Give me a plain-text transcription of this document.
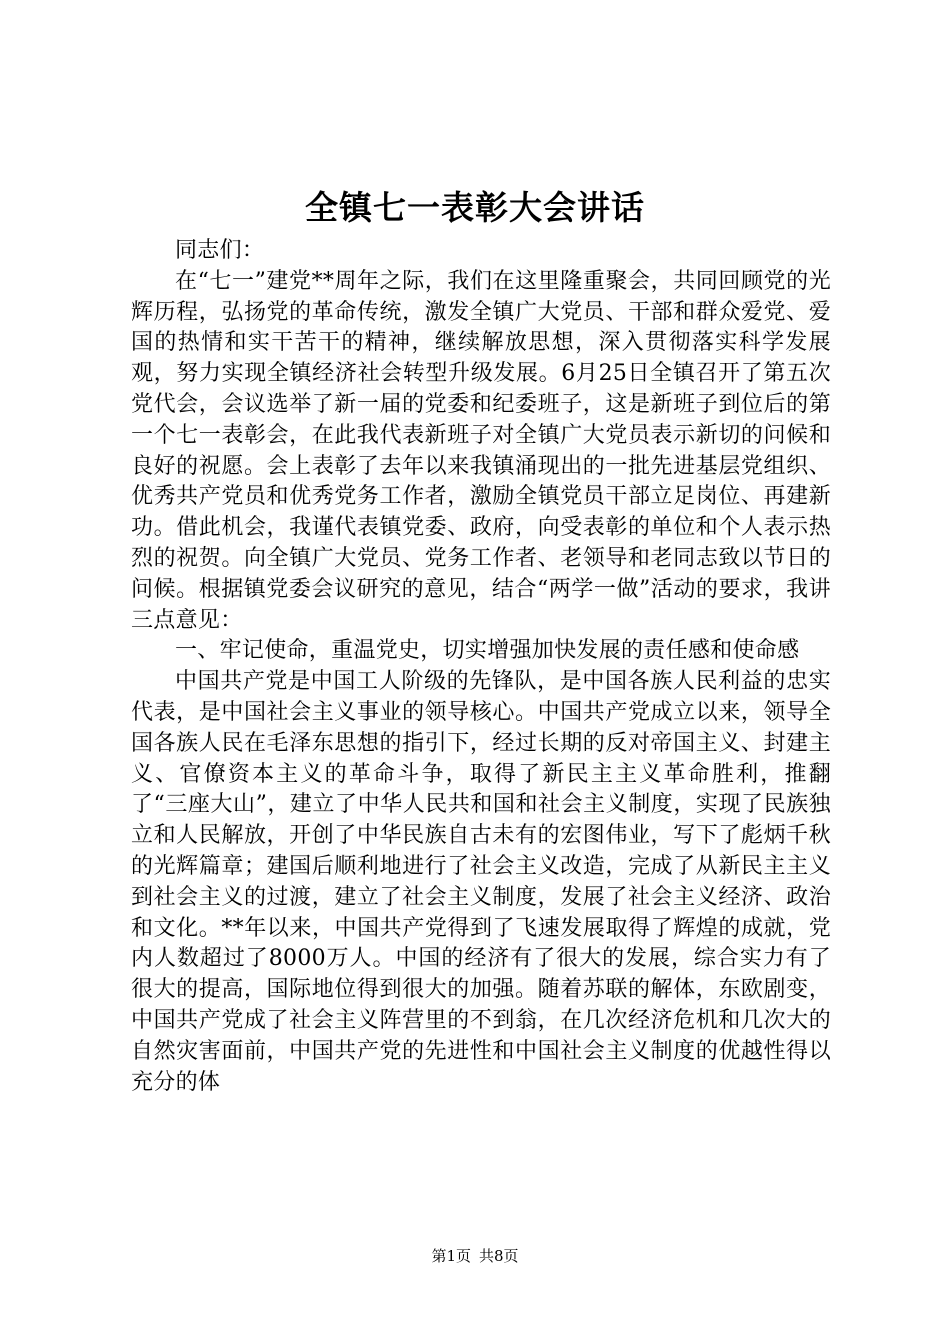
全镇七一表彰大会讲话

同志们：

在“七一”建党**周年之际，我们在这里隆重聚会，共同回顾党的光辉历程，弘扬党的革命传统，激发全镇广大党员、干部和群众爱党、爱国的热情和实干苦干的精神，继续解放思想，深入贯彻落实科学发展观，努力实现全镇经济社会转型升级发展。6月25日全镇召开了第五次党代会，会议选举了新一届的党委和纪委班子，这是新班子到位后的第一个七一表彰会，在此我代表新班子对全镇广大党员表示新切的问候和良好的祝愿。会上表彰了去年以来我镇涌现出的一批先进基层党组织、优秀共产党员和优秀党务工作者，激励全镇党员干部立足岗位、再建新功。借此机会，我谨代表镇党委、政府，向受表彰的单位和个人表示热烈的祝贺。向全镇广大党员、党务工作者、老领导和老同志致以节日的问候。根据镇党委会议研究的意见，结合“两学一做”活动的要求，我讲三点意见：

一、牢记使命，重温党史，切实增强加快发展的责任感和使命感

中国共产党是中国工人阶级的先锋队，是中国各族人民利益的忠实代表，是中国社会主义事业的领导核心。中国共产党成立以来，领导全国各族人民在毛泽东思想的指引下，经过长期的反对帝国主义、封建主义、官僚资本主义的革命斗争，取得了新民主主义革命胜利，推翻了“三座大山”，建立了中华人民共和国和社会主义制度，实现了民族独立和人民解放，开创了中华民族自古未有的宏图伟业，写下了彪炳千秋的光辉篇章；建国后顺利地进行了社会主义改造，完成了从新民主主义到社会主义的过渡，建立了社会主义制度，发展了社会主义经济、政治和文化。**年以来，中国共产党得到了飞速发展取得了辉煌的成就，党内人数超过了8000万人。中国的经济有了很大的发展，综合实力有了很大的提高，国际地位得到很大的加强。随着苏联的解体，东欧剧变，中国共产党成了社会主义阵营里的不到翁，在几次经济危机和几次大的自然灾害面前，中国共产党的先进性和中国社会主义制度的优越性得以充分的体

第1页 共8页
